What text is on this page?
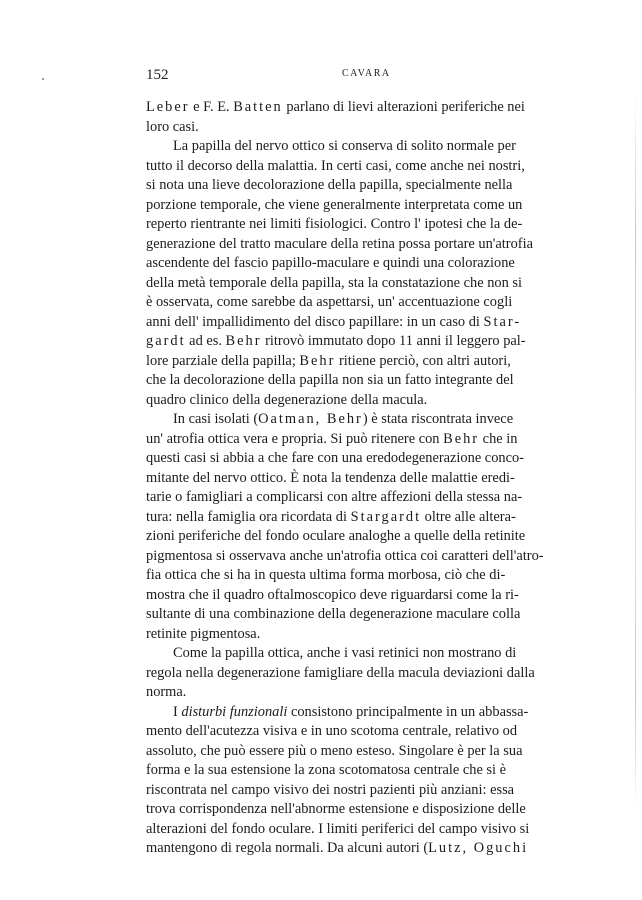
152	CAVARA
Leber e F. E. Batten parlano di lievi alterazioni periferiche nei
loro casi.
La papilla del nervo ottico si conserva di solito normale per
tutto il decorso della malattia. In certi casi, come anche nei nostri,
si nota una lieve decolorazione della papilla, specialmente nella
porzione temporale, che viene generalmente interpretata come un
reperto rientrante nei limiti fisiologici. Contro l' ipotesi che la de-
generazione del tratto maculare della retina possa portare un'atrofia
ascendente del fascio papillo-maculare e quindi una colorazione
della metà temporale della papilla, sta la constatazione che non si
è osservata, come sarebbe da aspettarsi, un' accentuazione cogli
anni dell' impallidimento del disco papillare: in un caso di Star-
gardt ad es. Behr ritrovò immutato dopo 11 anni il leggero pal-
lore parziale della papilla; Behr ritiene perciò, con altri autori,
che la decolorazione della papilla non sia un fatto integrante del
quadro clinico della degenerazione della macula.
In casi isolati (Oatman, Behr) è stata riscontrata invece
un' atrofia ottica vera e propria. Si può ritenere con Behr che in
questi casi si abbia a che fare con una eredodegenerazione conco-
mitante del nervo ottico. È nota la tendenza delle malattie eredi-
tarie o famigliari a complicarsi con altre affezioni della stessa na-
tura: nella famiglia ora ricordata di Stargardt oltre alle altera-
zioni periferiche del fondo oculare analoghe a quelle della retinite
pigmentosa si osservava anche un'atrofia ottica coi caratteri dell'atro-
fia ottica che si ha in questa ultima forma morbosa, ciò che di-
mostra che il quadro oftalmoscopico deve riguardarsi come la ri-
sultante di una combinazione della degenerazione maculare colla
retinite pigmentosa.
Come la papilla ottica, anche i vasi retinici non mostrano di
regola nella degenerazione famigliare della macula deviazioni dalla
norma.
I disturbi funzionali consistono principalmente in un abbassa-
mento dell'acutezza visiva e in uno scotoma centrale, relativo od
assoluto, che può essere più o meno esteso. Singolare è per la sua
forma e la sua estensione la zona scotomatosa centrale che si è
riscontrata nel campo visivo dei nostri pazienti più anziani: essa
trova corrispondenza nell'abnorme estensione e disposizione delle
alterazioni del fondo oculare. I limiti periferici del campo visivo si
mantengono di regola normali. Da alcuni autori (Lutz, Oguchi
